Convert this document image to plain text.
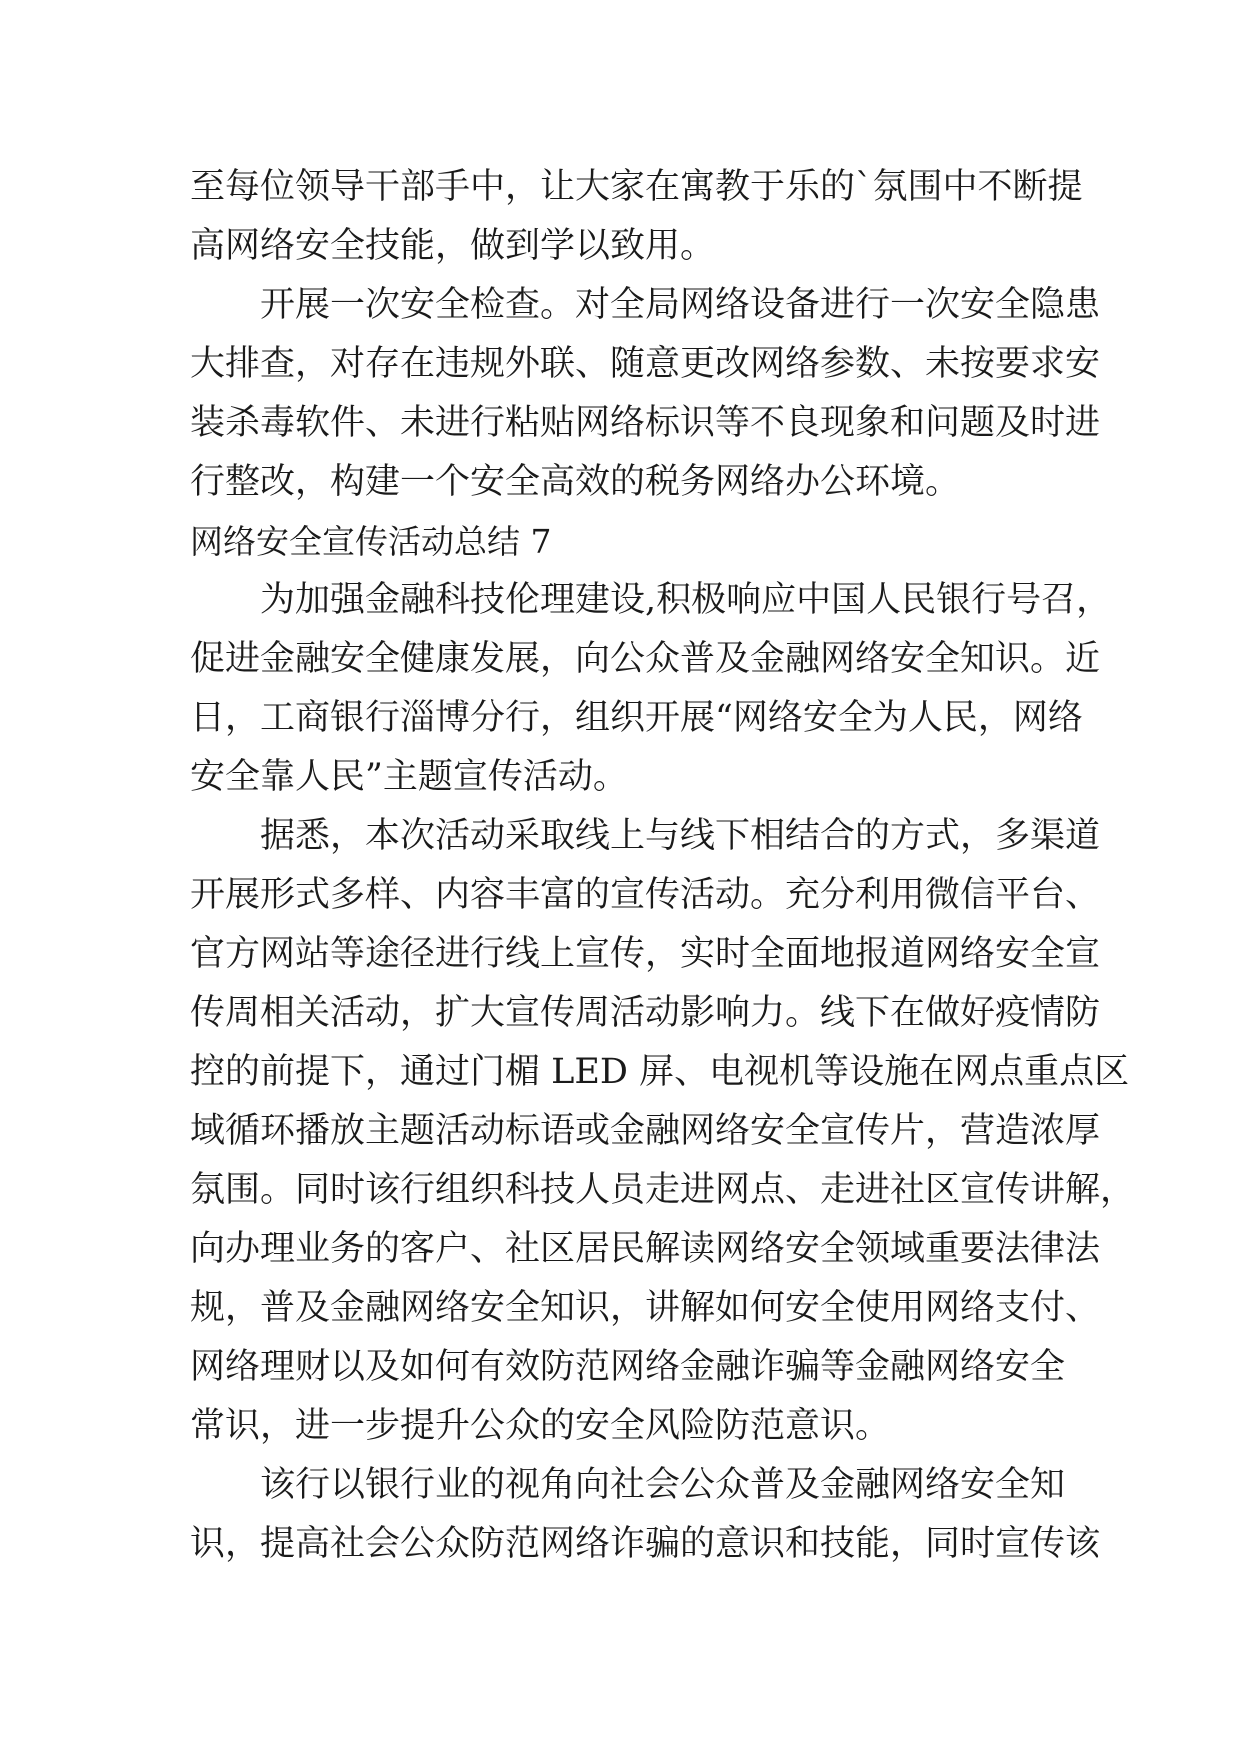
至每位领导干部手中，让大家在寓教于乐的`氛围中不断提
高网络安全技能，做到学以致用。
开展一次安全检查。对全局网络设备进行一次安全隐患
大排查，对存在违规外联、随意更改网络参数、未按要求安
装杀毒软件、未进行粘贴网络标识等不良现象和问题及时进
行整改，构建一个安全高效的税务网络办公环境。
网络安全宣传活动总结 7
为加强金融科技伦理建设,积极响应中国人民银行号召，
促进金融安全健康发展，向公众普及金融网络安全知识。近
日，工商银行淄博分行，组织开展“网络安全为人民，网络
安全靠人民”主题宣传活动。
据悉，本次活动采取线上与线下相结合的方式，多渠道
开展形式多样、内容丰富的宣传活动。充分利用微信平台、
官方网站等途径进行线上宣传，实时全面地报道网络安全宣
传周相关活动，扩大宣传周活动影响力。线下在做好疫情防
控的前提下，通过门楣 LED 屏、电视机等设施在网点重点区
域循环播放主题活动标语或金融网络安全宣传片，营造浓厚
氛围。同时该行组织科技人员走进网点、走进社区宣传讲解，
向办理业务的客户、社区居民解读网络安全领域重要法律法
规，普及金融网络安全知识，讲解如何安全使用网络支付、
网络理财以及如何有效防范网络金融诈骗等金融网络安全
常识，进一步提升公众的安全风险防范意识。
该行以银行业的视角向社会公众普及金融网络安全知
识，提高社会公众防范网络诈骗的意识和技能，同时宣传该
